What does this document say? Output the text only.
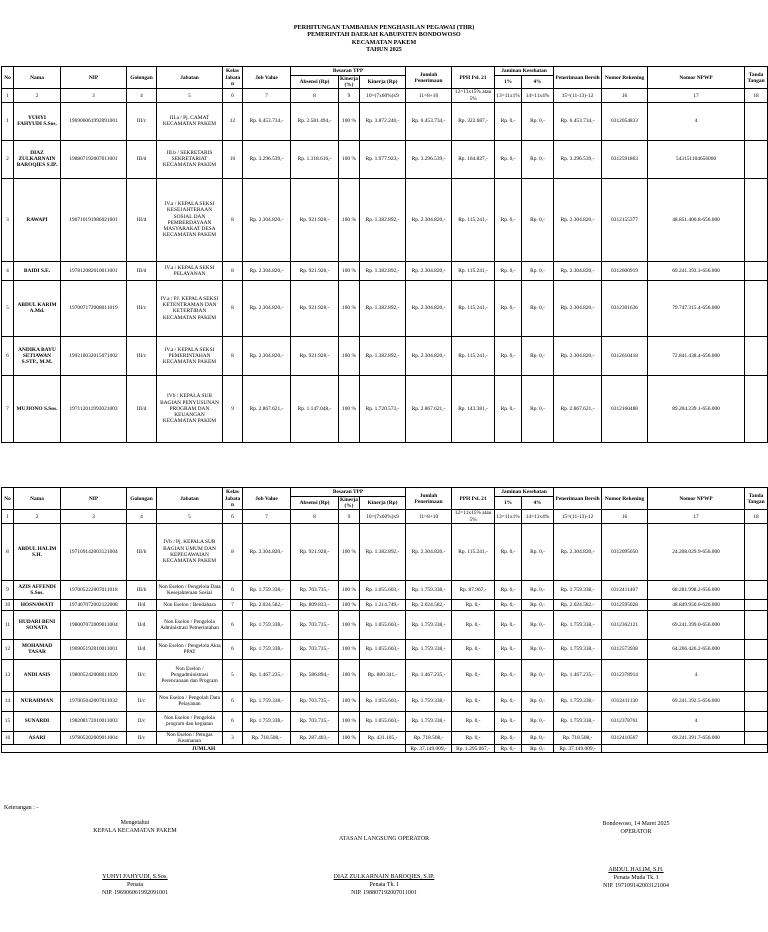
PERHITUNGAN TAMBAHAN PENGHASILAN PEGAWAI (THR)
PEMERINTAH DAERAH KABUPATEN BONDOWOSO
KECAMATAN PAKEM
TAHUN 2025
No	Nama	NIP	Golongan	Jabatan	Kelas Jabatan	Job Value	Besaran TPP			Jumlah Penerimaan	PPH Psl. 21	Jaminan Kesehatan		Penerimaan Bersih	Nomor Rekening	Nomor NPWP	Tanda Tangan
							Absensi (Rp)	Kinerja (%)	Kinerja (Rp)			1%	4%				
1	2	3	4	5	6	7	8	9	10=(7x60%)x9	11=8+10	12=11x15% atau 5%	13=11x1%	14=11x4%	15=(11-13)-12	16	17	18
1	YUHYI FAHYUDI S.Sos.	196906061992091001	III/c	III.a / Pj. CAMAT KECAMATAN PAKEM	12	Rp. 6.453.734,-	Rp. 2.581.494,-	100 %	Rp. 3.872.240,-	Rp. 6.453.734,-	Rp. 322.687,-	Rp. 0,-	Rp. 0,-	Rp. 6.453.734,-	0312054833	4	
2	DIAZ ZULKARNAIN BAROQIES S.IP.	198807192007011001	III/d	III.b / SEKRETARIS SEKRETARIAT KECAMATAN PAKEM	10	Rp. 3.296.539,-	Rp. 1.318.616,-	100 %	Rp. 1.977.923,-	Rp. 3.296.539,-	Rp. 164.827,-	Rp. 0,-	Rp. 0,-	Rp. 3.296.539,-	0312591863	543151104656000	
3	RAWAPI	196710191986021001	III/d	IV.a / KEPALA SEKSI KESEJAHTERAAN SOSIAL DAN PEMBERDAYAAN MASYARAKAT DESA KECAMATAN PAKEM	8	Rp. 2.304.820,-	Rp. 921.928,-	100 %	Rp. 1.382.892,-	Rp. 2.304.820,-	Rp. 115.241,-	Rp. 0,-	Rp. 0,-	Rp. 2.304.820,-	0312155377	48.851.406.8-656.000	
4	BAIDI S.E.	197812082010011001	III/d	IV.a / KEPALA SEKSI PELAYANAN	8	Rp. 2.304.820,-	Rp. 921.928,-	100 %	Rp. 1.382.892,-	Rp. 2.304.820,-	Rp. 115.241,-	Rp. 0,-	Rp. 0,-	Rp. 2.304.820,-	0312600919	69.241.393.3-656.000	
5	ABDUL KARIM A.Md.	197007172008011019	III/c	IV.a / PJ. KEPALA SEKSI KETENTRAMAN DAN KETERTIBAN KECAMATAN PAKEM	8	Rp. 2.304.820,-	Rp. 921.928,-	100 %	Rp. 1.382.892,-	Rp. 2.304.820,-	Rp. 115.241,-	Rp. 0,-	Rp. 0,-	Rp. 2.304.820,-	0312301636	79.747.315.4-656.000	
6	ANDIKA BAYU SETIAWAN S.STP., M.M.	199210032015071002	III/c	IV.a / KEPALA SEKSI PEMERINTAHAN KECAMATAN PAKEM	8	Rp. 2.304.820,-	Rp. 921.928,-	100 %	Rp. 1.382.892,-	Rp. 2.304.820,-	Rp. 115.241,-	Rp. 0,-	Rp. 0,-	Rp. 2.304.820,-	0312610418	72.841.438.4-656.000	
7	MUJIONO S.Sos.	197112011993021003	III/d	IVb / KEPALA SUB BAGIAN PENYUSUNAN PROGRAM DAN KEUANGAN KECAMATAN PAKEM	9	Rp. 2.867.621,-	Rp. 1.147.048,-	100 %	Rp. 1.720.573,-	Rp. 2.867.621,-	Rp. 143.381,-	Rp. 0,-	Rp. 0,-	Rp. 2.867.621,-	0312160488	89.204.239.1-656.000	
No	Nama	NIP	Golongan	Jabatan	Kelas Jabatan	Job Value	Besaran TPP			Jumlah Penerimaan	PPH Psl. 21	Jaminan Kesehatan		Penerimaan Bersih	Nomor Rekening	Nomor NPWP	Tanda Tangan
							Absensi (Rp)	Kinerja (%)	Kinerja (Rp)			1%	4%				
1	2	3	4	5	6	7	8	9	10=(7x60%)x9	11=8+10	12=11x15% atau 5%	13=11x1%	14=11x4%	15=(11-13)-12	16	17	18
8	ABDUL HALIM S.H.	197109142003121004	III/b	IVb / Pj. KEPALA SUB BAGIAN UMUM DAN KEPEGAWAIAN KECAMATAN PAKEM	8	Rp. 2.304.820,-	Rp. 921.928,-	100 %	Rp. 1.382.892,-	Rp. 2.304.820,-	Rp. 115.241,-	Rp. 0,-	Rp. 0,-	Rp. 2.304.820,-	0312095050	24.208.029.9-656.000	
9	AZIS AFFENDI S.Sos.	197005222007011018	III/b	Non Eselon / Pengelola Data Kesejahteraan Sosial	6	Rp. 1.759.338,-	Rp. 703.735,-	100 %	Rp. 1.055.603,-	Rp. 1.759.338,-	Rp. 87.967,-	Rp. 0,-	Rp. 0,-	Rp. 1.759.338,-	0312411407	68.281.998.2-656.000	
10	HOSNAWATI	197407072002122008	II/d	Non Eselon / Bendahara	7	Rp. 2.024.582,-	Rp. 809.833,-	100 %	Rp. 1.214.749,-	Rp. 2.024.582,-	Rp. 0,-	Rp. 0,-	Rp. 0,-	Rp. 2.024.582,-	0312595028	48.849.950.0-626.000	
11	HUDARI BENI SONATA	198007072009011004	II/d	Non Eselon / Pengelola Administrasi Pemerintahan	6	Rp. 1.759.338,-	Rp. 703.735,-	100 %	Rp. 1.055.603,-	Rp. 1.759.338,-	Rp. 0,-	Rp. 0,-	Rp. 0,-	Rp. 1.759.338,-	0312362121	69.241.399.0-656.000	
12	MOHAMAD TASAR	196905192010011001	II/d	Non Eselon / Pengelola Akta PPAT	6	Rp. 1.759.338,-	Rp. 703.735,-	100 %	Rp. 1.055.603,-	Rp. 1.759.338,-	Rp. 0,-	Rp. 0,-	Rp. 0,-	Rp. 1.759.338,-	0312573938	64.266.426.2-656.000	
13	ANDI ASIS	198005242008011020	II/c	Non Eselon / Pengadministrasi Perencanaan dan Program	5	Rp. 1.467.235,-	Rp. 586.894,-	100 %	Rp. 880.341,-	Rp. 1.467.235,-	Rp. 0,-	Rp. 0,-	Rp. 0,-	Rp. 1.467.235,-	0312378914	4	
14	NURAHMAN	197005042007011032	II/c	Non Eselon / Pengolah Data Pelayanan	6	Rp. 1.759.338,-	Rp. 703.735,-	100 %	Rp. 1.055.603,-	Rp. 1.759.338,-	Rp. 0,-	Rp. 0,-	Rp. 0,-	Rp. 1.759.338,-	0312411130	69.241.392.5-656.000	
15	SUNARDI	198208172010011003	II/c	Non Eselon / Pengelola program dan kegiatan	6	Rp. 1.759.338,-	Rp. 703.735,-	100 %	Rp. 1.055.603,-	Rp. 1.759.338,-	Rp. 0,-	Rp. 0,-	Rp. 0,-	Rp. 1.759.338,-	0312378761	4	
16	ASARI	197805202009011004	II/c	Non Eselon / Petugas Keamanan	3	Rp. 718.508,-	Rp. 287.403,-	100 %	Rp. 431.105,-	Rp. 718.508,-	Rp. 0,-	Rp. 0,-	Rp. 0,-	Rp. 718.508,-	0312410567	69.241.391.7-656.000	
JUMLAH										Rp. 37.149.009,-	Rp. 1.295.067,-	Rp. 0,-	Rp. 0,-	Rp. 37.149.009,-			
Keterangan : -
Mengetahui
KEPALA KECAMATAN PAKEM
YUHYI FAHYUDI, S.Sos.
Penata
NIP. 196906061992091001
ATASAN LANGSUNG OPERATOR
DIAZ ZULKARNAIN BAROQIES, S.IP.
Penata Tk. I
NIP. 198807192007011001
Bondowoso, 14 Maret 2025
OPERATOR
ABDUL HALIM, S.H.
Penata Muda Tk. I
NIP. 197109142003121004
